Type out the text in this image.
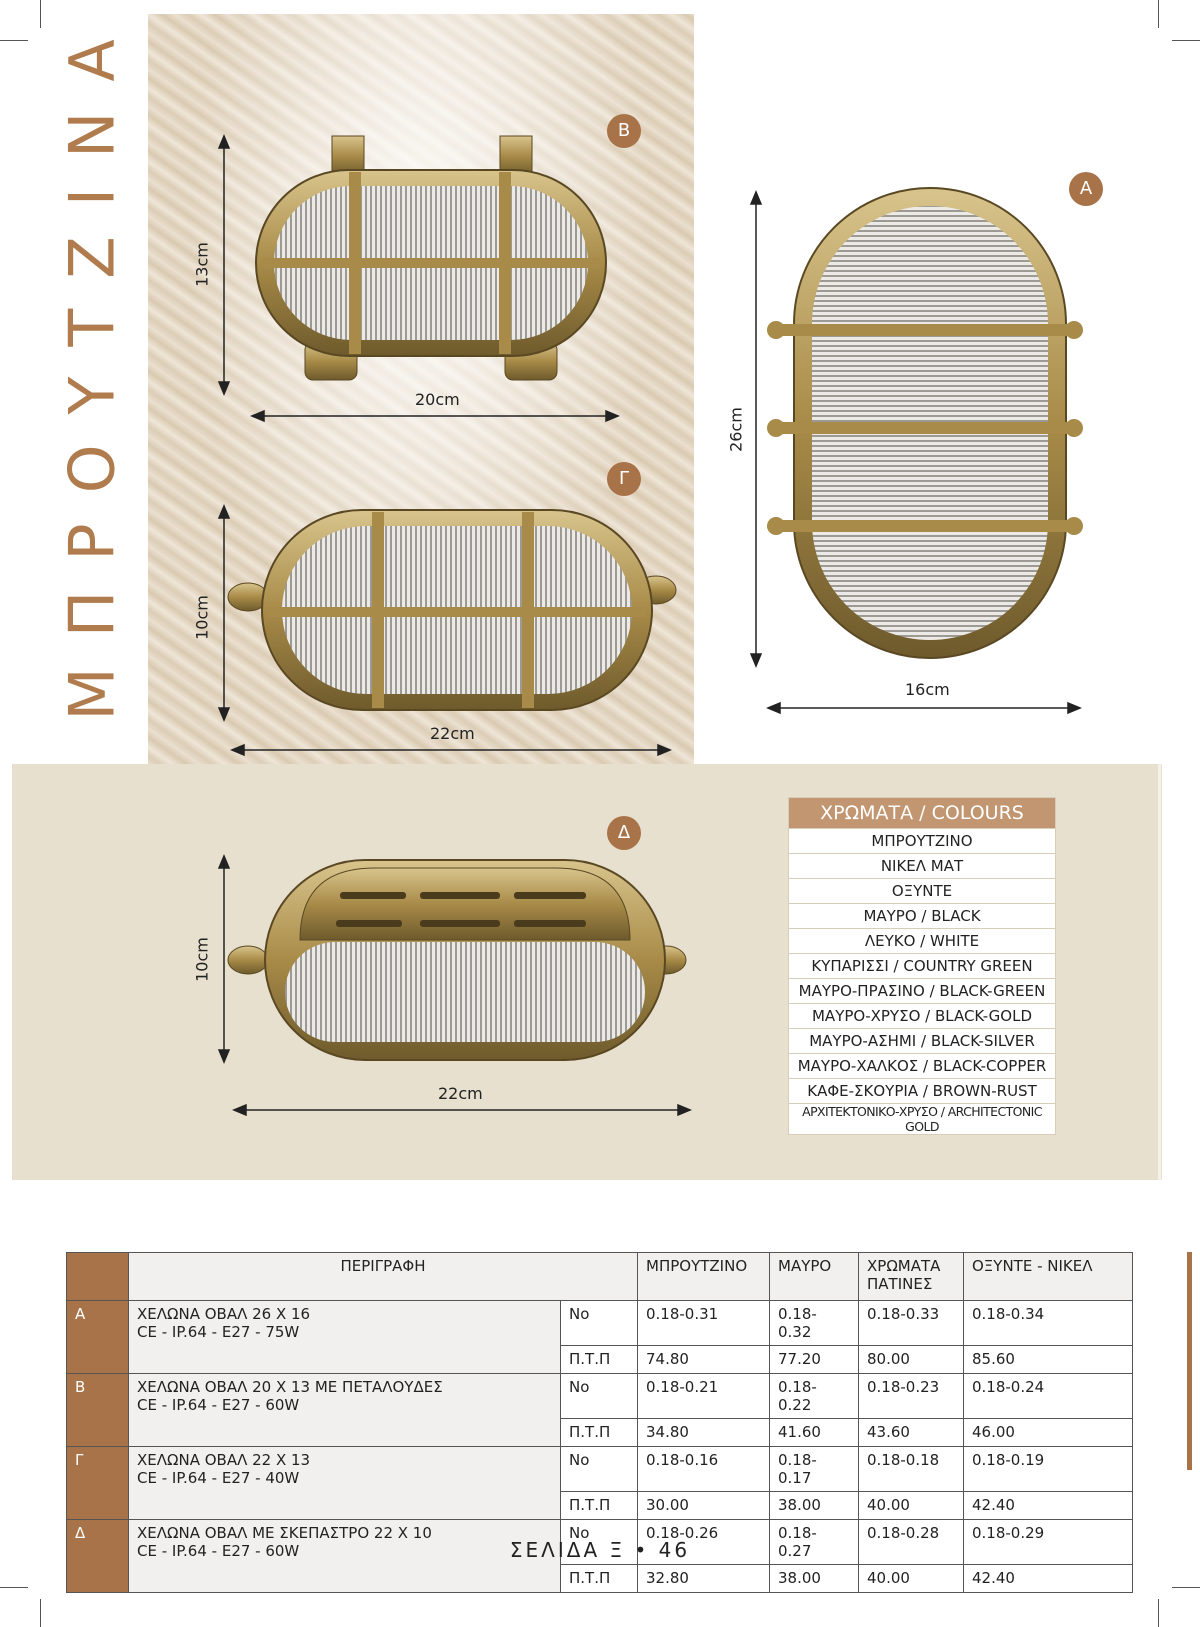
ΜΠΡΟΥΤΖΙΝΑ	Β
Γ
Α
Δ
13cm
20cm
10cm
22cm
26cm
16cm
10cm
22cm
ΧΡΩΜΑΤΑ / COLOURS
ΜΠΡΟΥΤΖΙΝΟ
ΝΙΚΕΛ ΜΑΤ
ΟΞΥΝΤΕ
ΜΑΥΡΟ / BLACK
ΛΕΥΚΟ / WHITE
ΚΥΠΑΡΙΣΣΙ / COUNTRY GREEN
ΜΑΥΡΟ-ΠΡΑΣΙΝΟ / BLACK-GREEN
ΜΑΥΡΟ-ΧΡΥΣΟ / BLACK-GOLD
ΜΑΥΡΟ-ΑΣΗΜΙ / BLACK-SILVER
ΜΑΥΡΟ-ΧΑΛΚΟΣ / BLACK-COPPER
ΚΑΦΕ-ΣΚΟΥΡΙΑ / BROWN-RUST
ΑΡΧΙΤΕΚΤΟΝΙΚΟ-ΧΡΥΣΟ / ARCHITECTONIC GOLD
	ΠΕΡΙΓΡΑΦΗ		ΜΠΡΟΥΤΖΙΝΟ	ΜΑΥΡΟ	ΧΡΩΜΑΤΑ ΠΑΤΙΝΕΣ	ΟΞΥΝΤΕ - ΝΙΚΕΛ
Α	ΧΕΛΩΝΑ ΟΒΑΛ 26 Χ 16
CE - IP.64 - E27 - 75W	Νο	0.18-0.31	0.18-0.32	0.18-0.33	0.18-0.34
		Π.Τ.Π	74.80	77.20	80.00	85.60
Β	ΧΕΛΩΝΑ ΟΒΑΛ 20 Χ 13 ΜΕ ΠΕΤΑΛΟΥΔΕΣ
CE - IP.64 - E27 - 60W	Νο	0.18-0.21	0.18-0.22	0.18-0.23	0.18-0.24
		Π.Τ.Π	34.80	41.60	43.60	46.00
Γ	ΧΕΛΩΝΑ ΟΒΑΛ 22 Χ 13
CE - IP.64 - E27 - 40W	Νο	0.18-0.16	0.18-0.17	0.18-0.18	0.18-0.19
		Π.Τ.Π	30.00	38.00	40.00	42.40
Δ	ΧΕΛΩΝΑ ΟΒΑΛ ΜΕ ΣΚΕΠΑΣΤΡΟ 22 Χ 10
CE - IP.64 - E27 - 60W	Νο	0.18-0.26	0.18-0.27	0.18-0.28	0.18-0.29
		Π.Τ.Π	32.80	38.00	40.00	42.40
ΣΕΛΙΔΑ Ξ • 46
